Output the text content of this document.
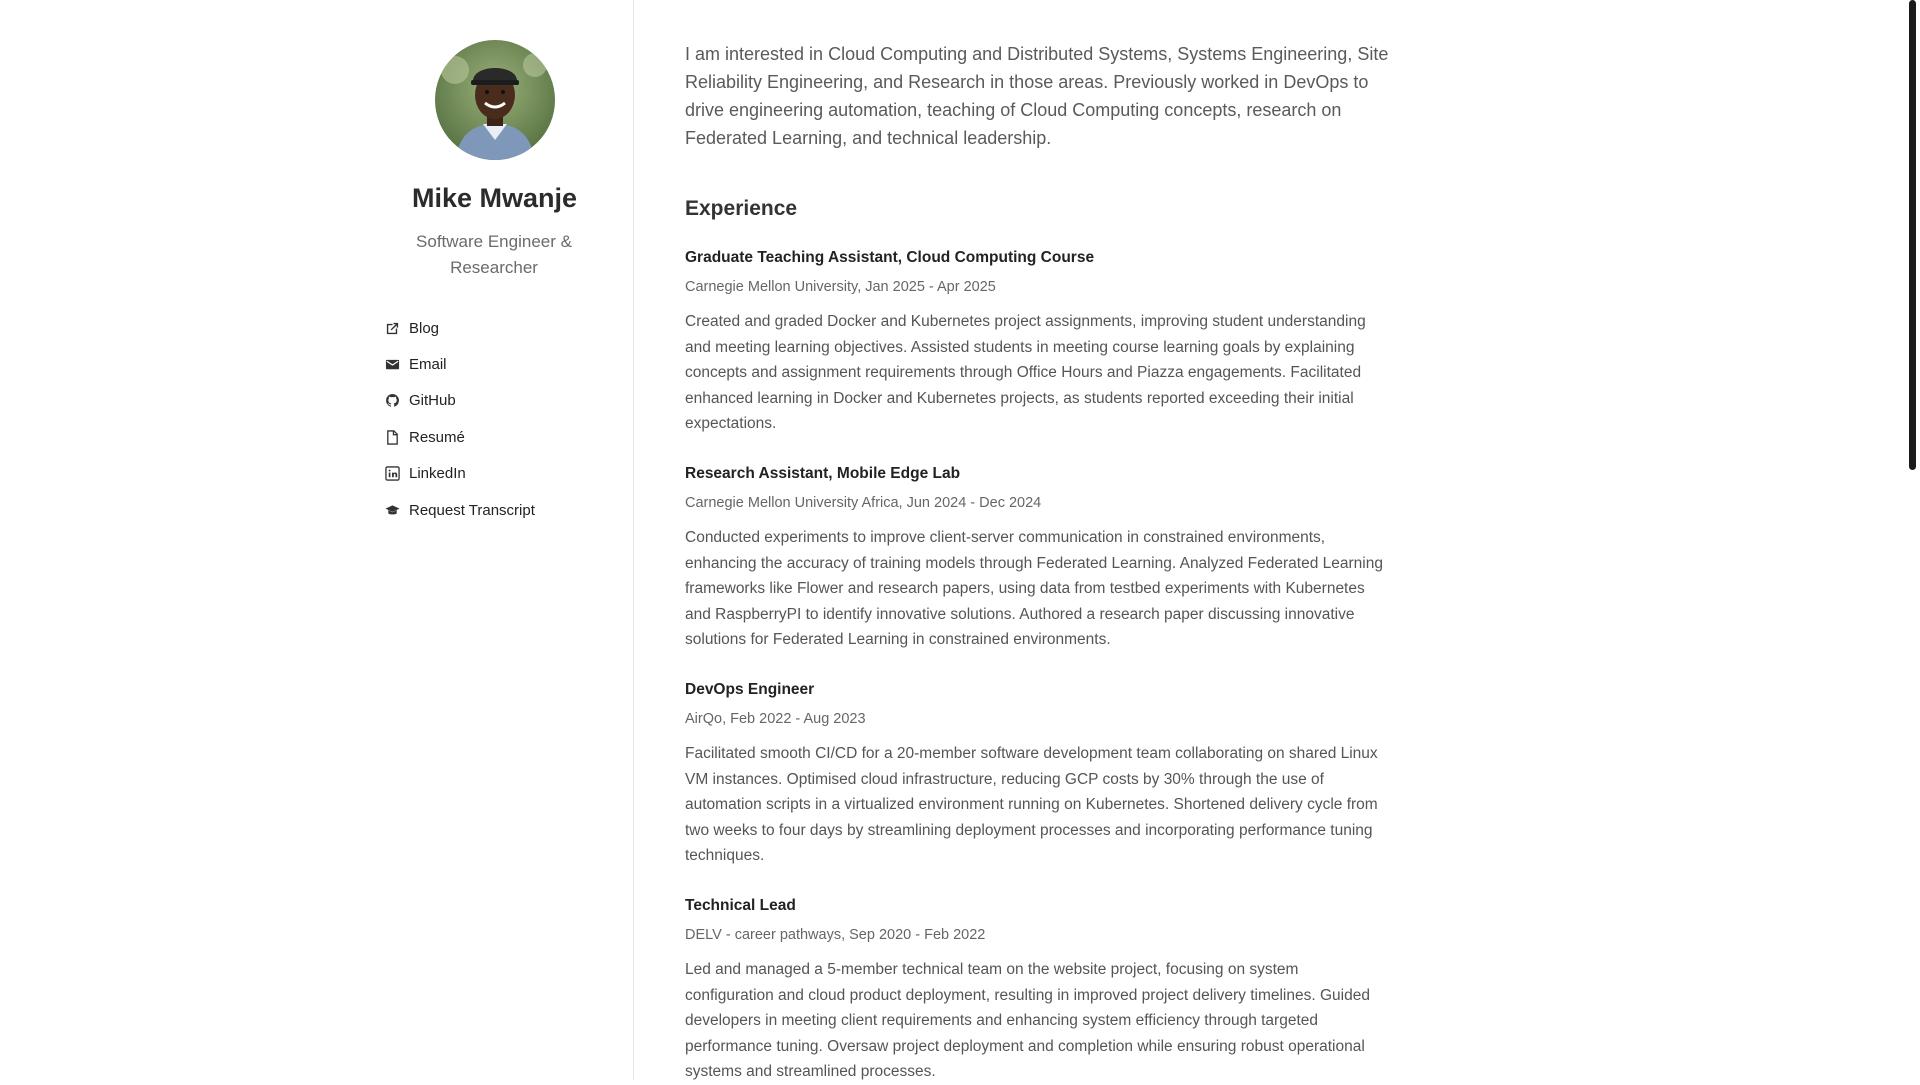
Mike Mwanje
Software Engineer & Researcher
Blog
Email
GitHub
Resumé
LinkedIn
Request Transcript

I am interested in Cloud Computing and Distributed Systems, Systems Engineering, Site Reliability Engineering, and Research in those areas. Previously worked in DevOps to drive engineering automation, teaching of Cloud Computing concepts, research on Federated Learning, and technical leadership.

Experience
Graduate Teaching Assistant, Cloud Computing Course

Carnegie Mellon University, Jan 2025 - Apr 2025

Created and graded Docker and Kubernetes project assignments, improving student understanding and meeting learning objectives. Assisted students in meeting course learning goals by explaining concepts and assignment requirements through Office Hours and Piazza engagements. Facilitated enhanced learning in Docker and Kubernetes projects, as students reported exceeding their initial expectations.

Research Assistant, Mobile Edge Lab

Carnegie Mellon University Africa, Jun 2024 - Dec 2024

Conducted experiments to improve client-server communication in constrained environments, enhancing the accuracy of training models through Federated Learning. Analyzed Federated Learning frameworks like Flower and research papers, using data from testbed experiments with Kubernetes and RaspberryPI to identify innovative solutions. Authored a research paper discussing innovative solutions for Federated Learning in constrained environments.

DevOps Engineer

AirQo, Feb 2022 - Aug 2023

Facilitated smooth CI/CD for a 20-member software development team collaborating on shared Linux VM instances. Optimised cloud infrastructure, reducing GCP costs by 30% through the use of automation scripts in a virtualized environment running on Kubernetes. Shortened delivery cycle from two weeks to four days by streamlining deployment processes and incorporating performance tuning techniques.

Technical Lead

DELV - career pathways, Sep 2020 - Feb 2022

Led and managed a 5-member technical team on the website project, focusing on system configuration and cloud product deployment, resulting in improved project delivery timelines. Guided developers in meeting client requirements and enhancing system efficiency through targeted performance tuning. Oversaw project deployment and completion while ensuring robust operational systems and streamlined processes.
